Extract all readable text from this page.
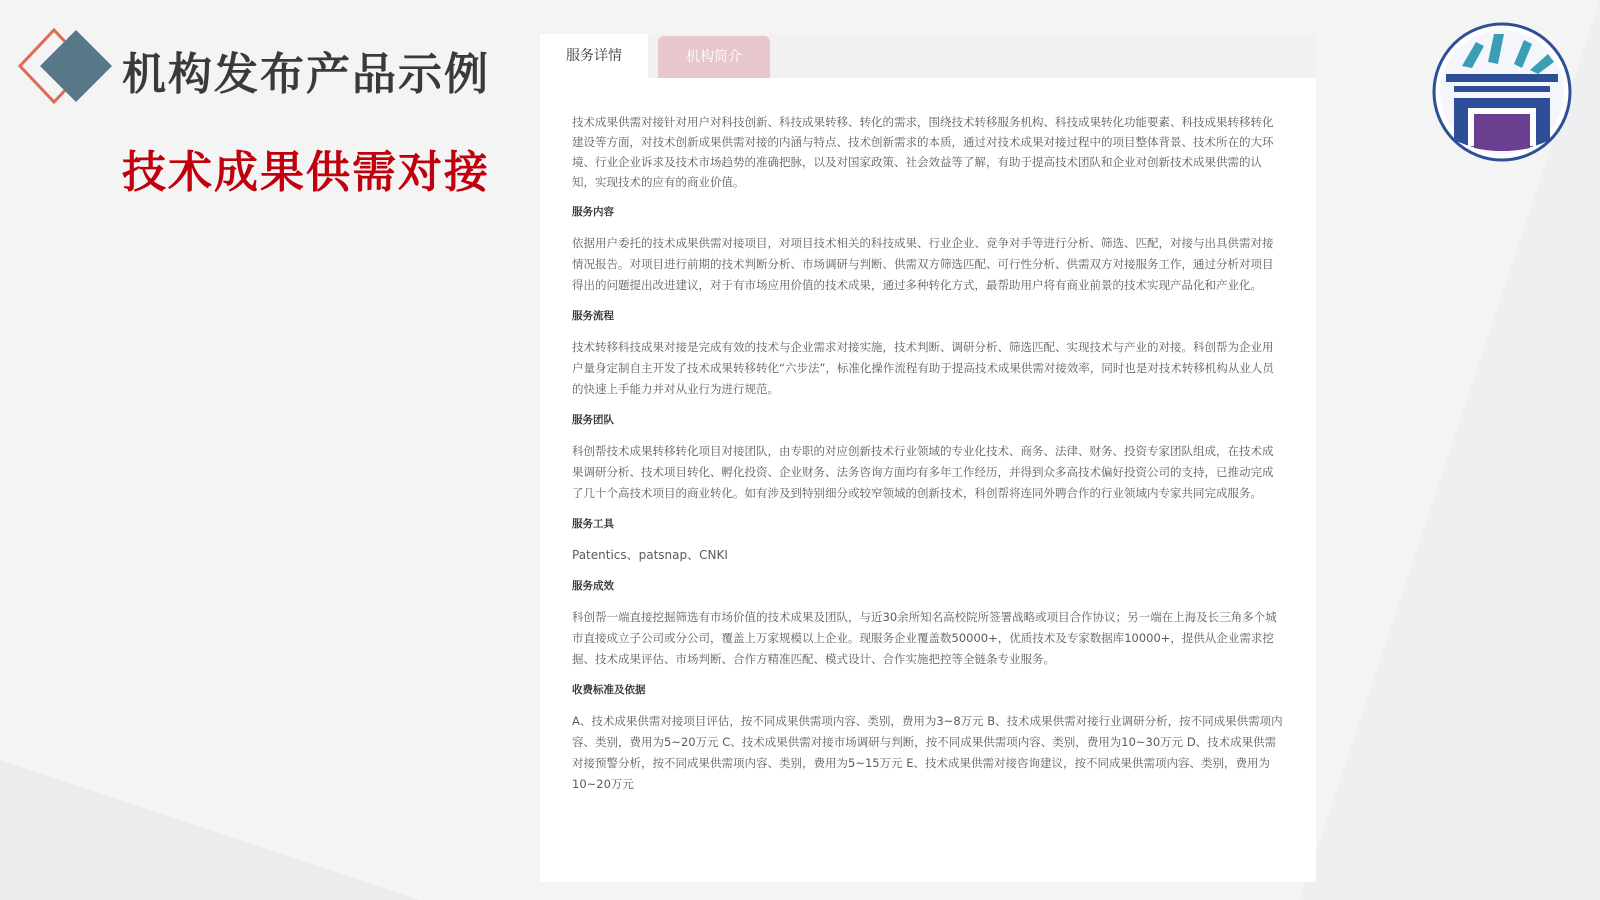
机构发布产品示例
技术成果供需对接
服务详情	机构简介

技术成果供需对接针对用户对科技创新、科技成果转移、转化的需求，围绕技术转移服务机构、科技成果转化功能要素、科技成果转移转化建设等方面，对技术创新成果供需对接的内涵与特点、技术创新需求的本质，通过对技术成果对接过程中的项目整体背景、技术所在的大环境、行业企业诉求及技术市场趋势的准确把脉，以及对国家政策、社会效益等了解，有助于提高技术团队和企业对创新技术成果供需的认知，实现技术的应有的商业价值。

服务内容

依据用户委托的技术成果供需对接项目，对项目技术相关的科技成果、行业企业、竞争对手等进行分析、筛选、匹配，对接与出具供需对接情况报告。对项目进行前期的技术判断分析、市场调研与判断、供需双方筛选匹配、可行性分析、供需双方对接服务工作，通过分析对项目得出的问题提出改进建议，对于有市场应用价值的技术成果，通过多种转化方式，最帮助用户将有商业前景的技术实现产品化和产业化。

服务流程

技术转移科技成果对接是完成有效的技术与企业需求对接实施，技术判断、调研分析、筛选匹配、实现技术与产业的对接。科创帮为企业用户量身定制自主开发了技术成果转移转化“六步法”，标准化操作流程有助于提高技术成果供需对接效率，同时也是对技术转移机构从业人员的快速上手能力并对从业行为进行规范。

服务团队

科创帮技术成果转移转化项目对接团队，由专职的对应创新技术行业领域的专业化技术、商务、法律、财务、投资专家团队组成，在技术成果调研分析、技术项目转化、孵化投资、企业财务、法务咨询方面均有多年工作经历，并得到众多高技术偏好投资公司的支持，已推动完成了几十个高技术项目的商业转化。如有涉及到特别细分或较窄领域的创新技术，科创帮将连同外聘合作的行业领域内专家共同完成服务。

服务工具

Patentics、patsnap、CNKI

服务成效

科创帮一端直接挖掘筛选有市场价值的技术成果及团队，与近30余所知名高校院所签署战略或项目合作协议；另一端在上海及长三角多个城市直接成立子公司或分公司，覆盖上万家规模以上企业。现服务企业覆盖数50000+，优质技术及专家数据库10000+，提供从企业需求挖掘、技术成果评估、市场判断、合作方精准匹配、模式设计、合作实施把控等全链条专业服务。

收费标准及依据

A、技术成果供需对接项目评估，按不同成果供需项内容、类别，费用为3~8万元 B、技术成果供需对接行业调研分析，按不同成果供需项内容、类别，费用为5~20万元 C、技术成果供需对接市场调研与判断，按不同成果供需项内容、类别，费用为10~30万元 D、技术成果供需对接预警分析，按不同成果供需项内容、类别，费用为5~15万元 E、技术成果供需对接咨询建议，按不同成果供需项内容、类别，费用为10~20万元
